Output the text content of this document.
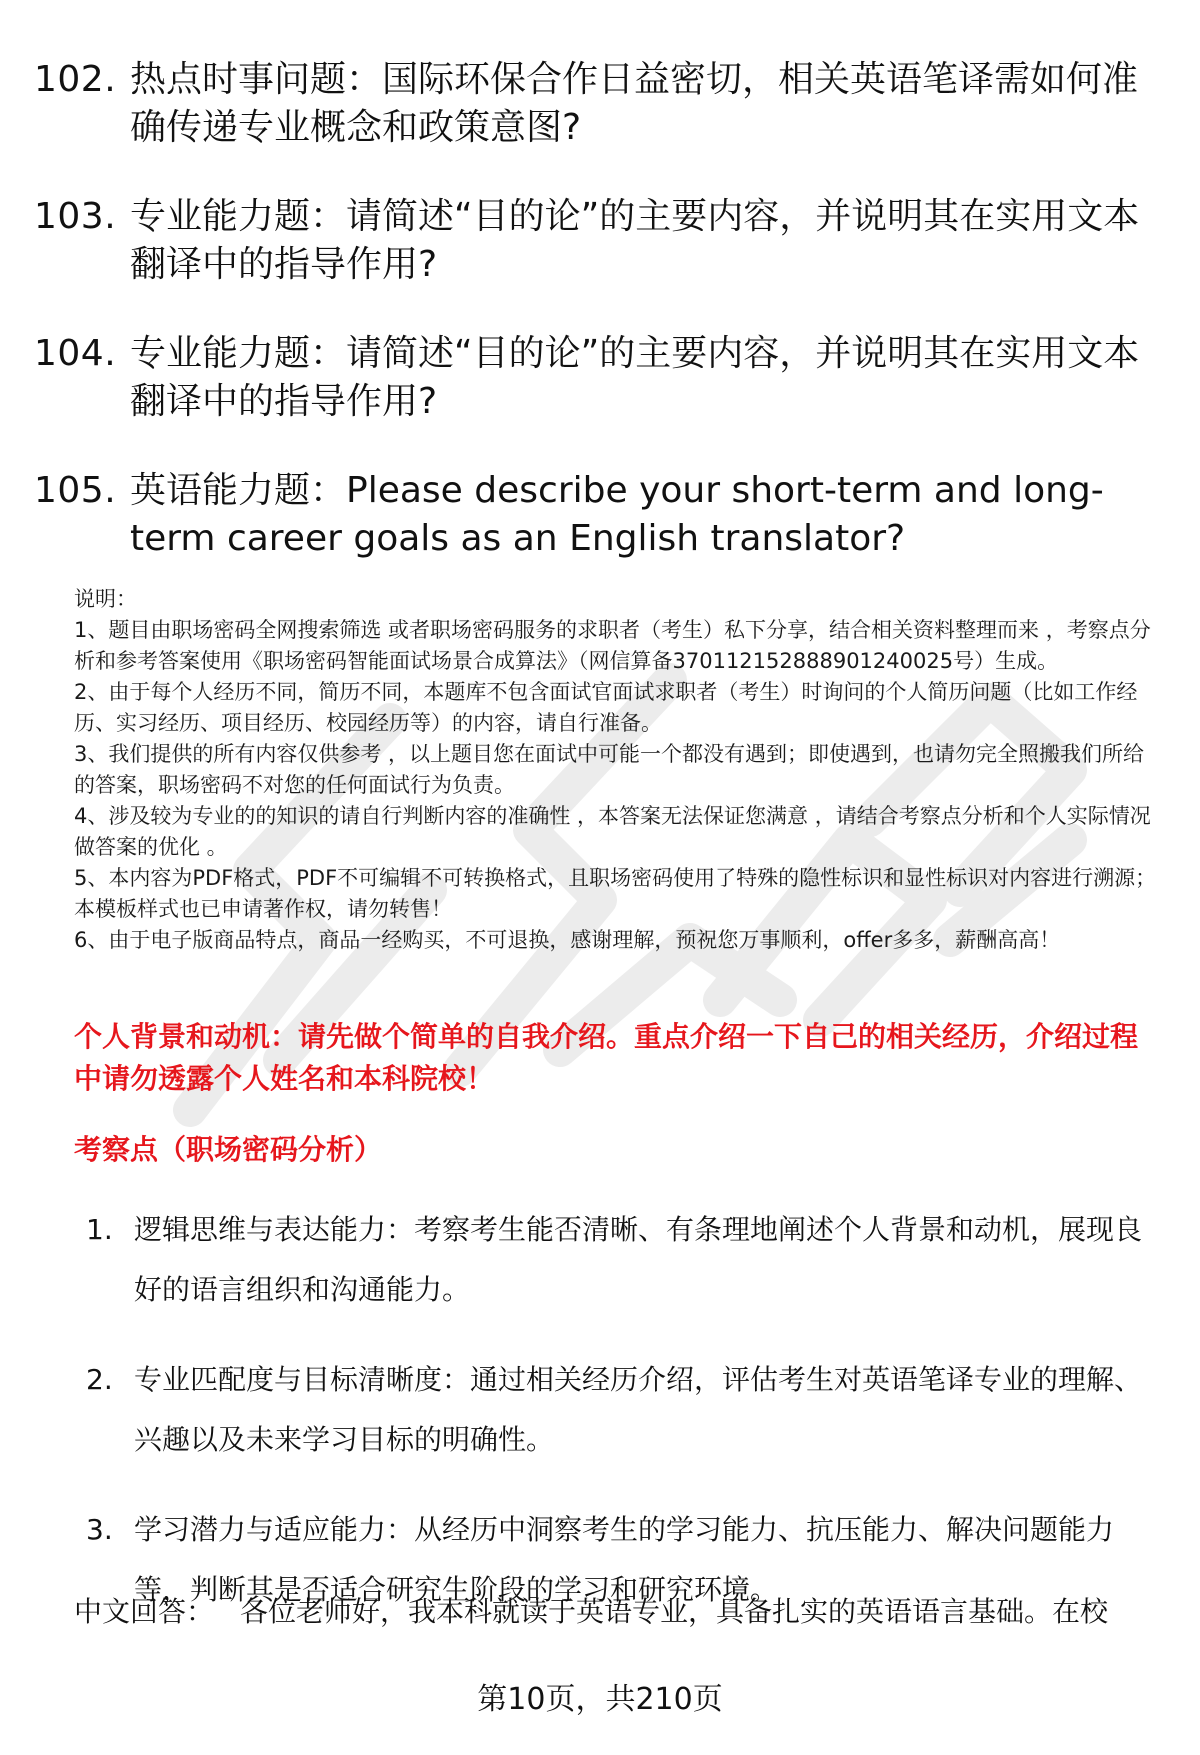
102. 热点时事问题：国际环保合作日益密切，相关英语笔译需如何准确传递专业概念和政策意图?
103. 专业能力题：请简述“目的论”的主要内容，并说明其在实用文本翻译中的指导作用?
104. 专业能力题：请简述“目的论”的主要内容，并说明其在实用文本翻译中的指导作用?
105. 英语能力题：Please describe your short-term and long-term career goals as an English translator?

说明：

1、题目由职场密码全网搜索筛选 或者职场密码服务的求职者（考生）私下分享，结合相关资料整理而来 ，考察点分析和参考答案使用《职场密码智能面试场景合成算法》（网信算备370112152888901240025号）生成。

2、由于每个人经历不同，简历不同，本题库不包含面试官面试求职者（考生）时询问的个人简历问题（比如工作经历、实习经历、项目经历、校园经历等）的内容，请自行准备。

3、我们提供的所有内容仅供参考 ，以上题目您在面试中可能一个都没有遇到；即使遇到，也请勿完全照搬我们所给的答案，职场密码不对您的任何面试行为负责。

4、涉及较为专业的的知识的请自行判断内容的准确性 ，本答案无法保证您满意 ，请结合考察点分析和个人实际情况做答案的优化 。

5、本内容为PDF格式，PDF不可编辑不可转换格式，且职场密码使用了特殊的隐性标识和显性标识对内容进行溯源；本模板样式也已申请著作权，请勿转售！

6、由于电子版商品特点，商品一经购买，不可退换，感谢理解，预祝您万事顺利，offer多多，薪酬高高！

个人背景和动机：请先做个简单的自我介绍。重点介绍一下自己的相关经历，介绍过程中请勿透露个人姓名和本科院校！
考察点（职场密码分析）
1. 逻辑思维与表达能力：考察考生能否清晰、有条理地阐述个人背景和动机，展现良好的语言组织和沟通能力。
2. 专业匹配度与目标清晰度：通过相关经历介绍，评估考生对英语笔译专业的理解、兴趣以及未来学习目标的明确性。
3. 学习潜力与适应能力：从经历中洞察考生的学习能力、抗压能力、解决问题能力等，判断其是否适合研究生阶段的学习和研究环境。
中文回答： 各位老师好，我本科就读于英语专业，具备扎实的英语语言基础。在校
第10页，共210页
